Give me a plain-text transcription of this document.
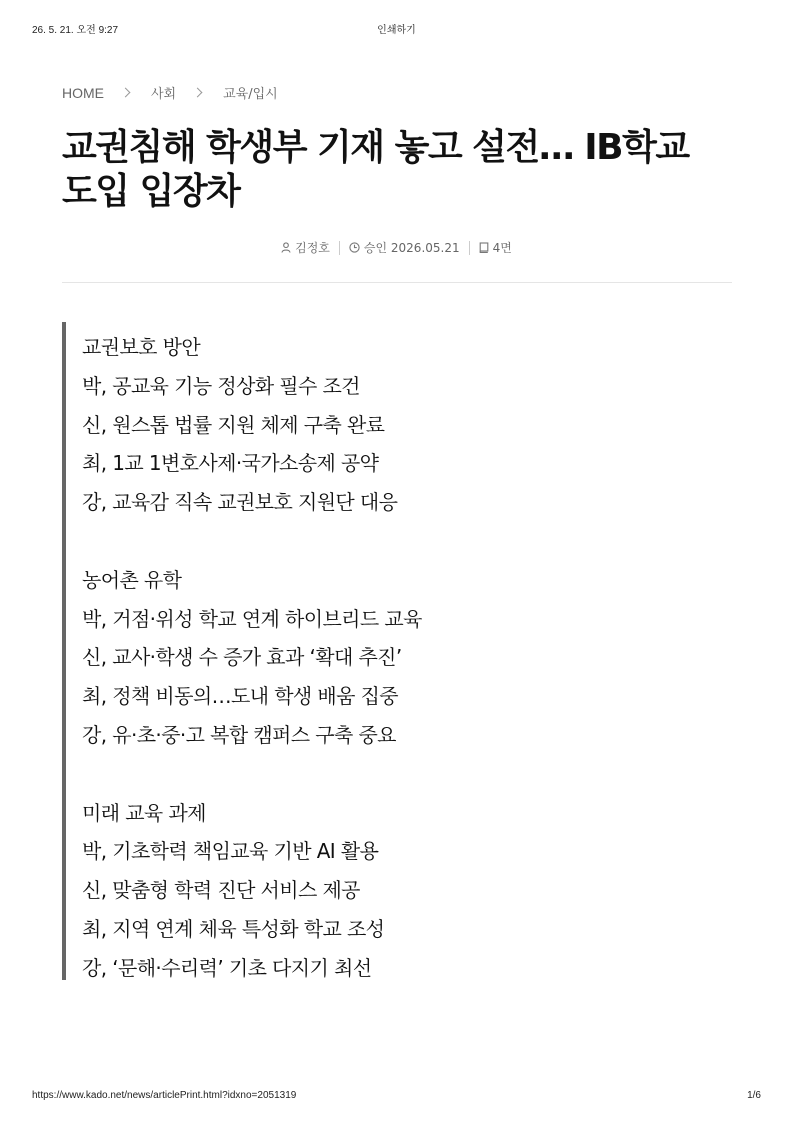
26. 5. 21. 오전 9:27	인쇄하기
HOME	사회	교육/입시
교권침해 학생부 기재 놓고 설전… IB학교
도입 입장차
김정호	승인 2026.05.21	4면
교권보호 방안
박, 공교육 기능 정상화 필수 조건
신, 원스톱 법률 지원 체제 구축 완료
최, 1교 1변호사제·국가소송제 공약
강, 교육감 직속 교권보호 지원단 대응
농어촌 유학
박, 거점·위성 학교 연계 하이브리드 교육
신, 교사·학생 수 증가 효과 ‘확대 추진’
최, 정책 비동의…도내 학생 배움 집중
강, 유·초·중·고 복합 캠퍼스 구축 중요
미래 교육 과제
박, 기초학력 책임교육 기반 AI 활용
신, 맞춤형 학력 진단 서비스 제공
최, 지역 연계 체육 특성화 학교 조성
강, ‘문해·수리력’ 기초 다지기 최선
https://www.kado.net/news/articlePrint.html?idxno=2051319	1/6
